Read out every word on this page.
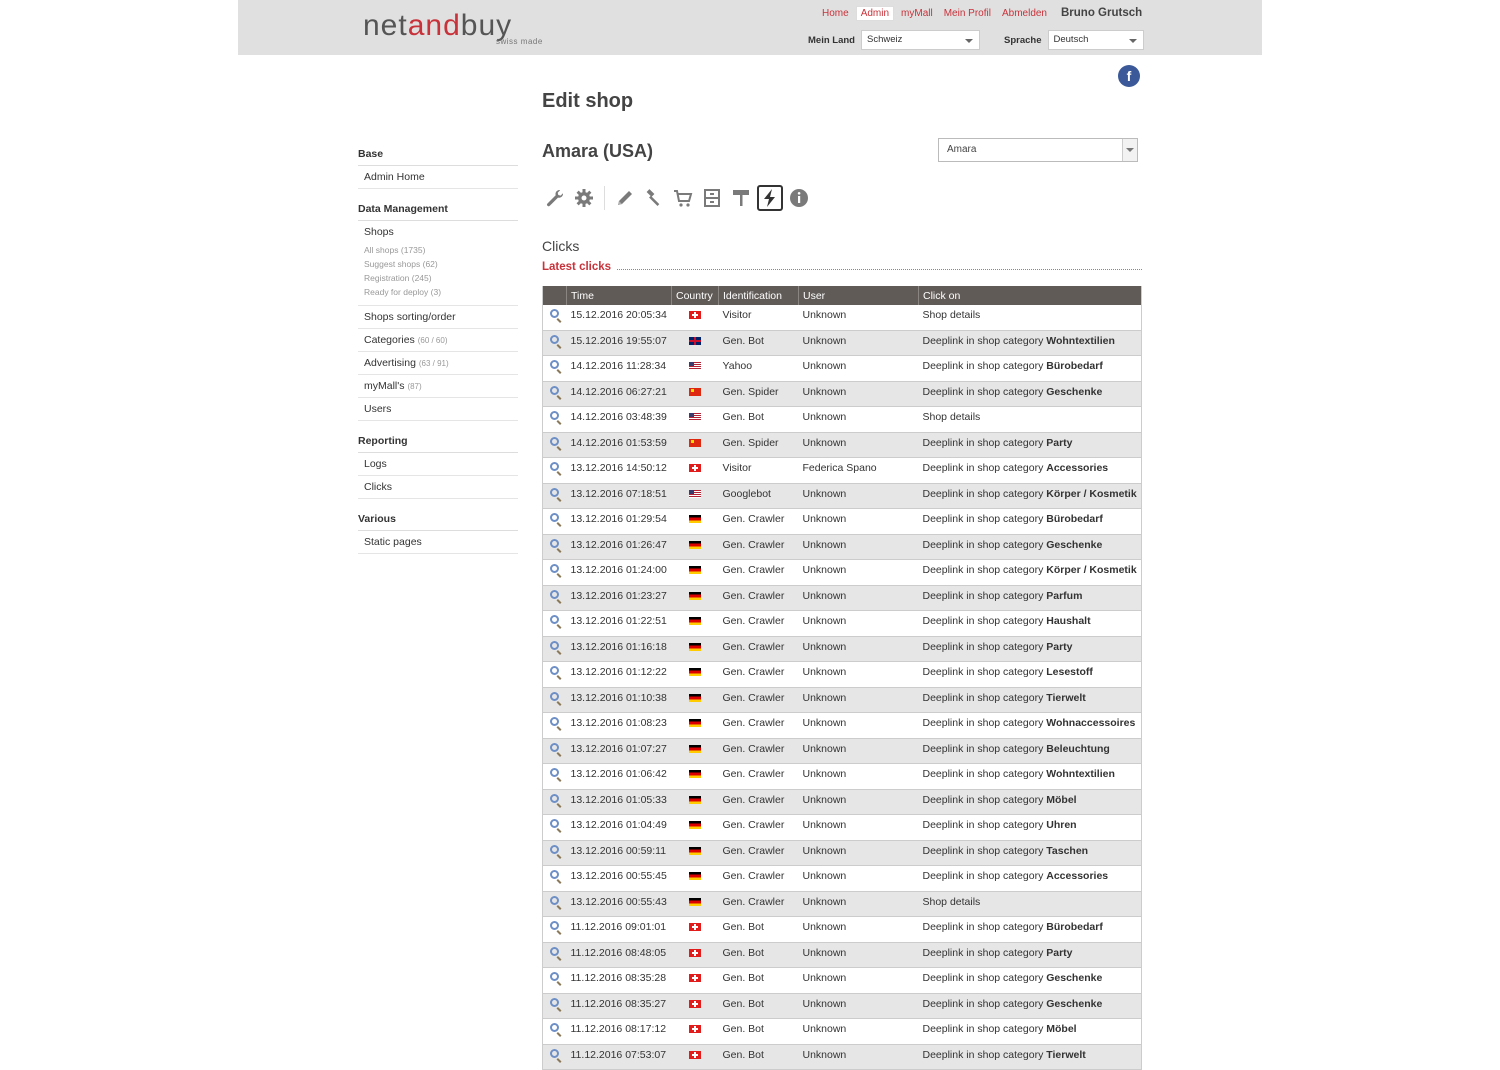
netandbuy
swiss made
Home	Admin	myMall	Mein Profil	Abmelden	Bruno Grutsch
Mein Land	Schweiz	Sprache	Deutsch
f
Edit shop
Amara (USA)	Amara
Clicks
Latest clicks
Base
Admin Home
Data Management
Shops
All shops (1735)
Suggest shops (62)
Registration (245)
Ready for deploy (3)
Shops sorting/order
Categories (60 / 60)
Advertising (63 / 91)
myMall's (87)
Users
Reporting
Logs
Clicks
Various
Static pages
	Time	Country	Identification	User	Click on
	15.12.2016 20:05:34		Visitor	Unknown	Shop details
	15.12.2016 19:55:07		Gen. Bot	Unknown	Deeplink in shop category Wohntextilien
	14.12.2016 11:28:34		Yahoo	Unknown	Deeplink in shop category Bürobedarf
	14.12.2016 06:27:21		Gen. Spider	Unknown	Deeplink in shop category Geschenke
	14.12.2016 03:48:39		Gen. Bot	Unknown	Shop details
	14.12.2016 01:53:59		Gen. Spider	Unknown	Deeplink in shop category Party
	13.12.2016 14:50:12		Visitor	Federica Spano	Deeplink in shop category Accessories
	13.12.2016 07:18:51		Googlebot	Unknown	Deeplink in shop category Körper / Kosmetik
	13.12.2016 01:29:54		Gen. Crawler	Unknown	Deeplink in shop category Bürobedarf
	13.12.2016 01:26:47		Gen. Crawler	Unknown	Deeplink in shop category Geschenke
	13.12.2016 01:24:00		Gen. Crawler	Unknown	Deeplink in shop category Körper / Kosmetik
	13.12.2016 01:23:27		Gen. Crawler	Unknown	Deeplink in shop category Parfum
	13.12.2016 01:22:51		Gen. Crawler	Unknown	Deeplink in shop category Haushalt
	13.12.2016 01:16:18		Gen. Crawler	Unknown	Deeplink in shop category Party
	13.12.2016 01:12:22		Gen. Crawler	Unknown	Deeplink in shop category Lesestoff
	13.12.2016 01:10:38		Gen. Crawler	Unknown	Deeplink in shop category Tierwelt
	13.12.2016 01:08:23		Gen. Crawler	Unknown	Deeplink in shop category Wohnaccessoires
	13.12.2016 01:07:27		Gen. Crawler	Unknown	Deeplink in shop category Beleuchtung
	13.12.2016 01:06:42		Gen. Crawler	Unknown	Deeplink in shop category Wohntextilien
	13.12.2016 01:05:33		Gen. Crawler	Unknown	Deeplink in shop category Möbel
	13.12.2016 01:04:49		Gen. Crawler	Unknown	Deeplink in shop category Uhren
	13.12.2016 00:59:11		Gen. Crawler	Unknown	Deeplink in shop category Taschen
	13.12.2016 00:55:45		Gen. Crawler	Unknown	Deeplink in shop category Accessories
	13.12.2016 00:55:43		Gen. Crawler	Unknown	Shop details
	11.12.2016 09:01:01		Gen. Bot	Unknown	Deeplink in shop category Bürobedarf
	11.12.2016 08:48:05		Gen. Bot	Unknown	Deeplink in shop category Party
	11.12.2016 08:35:28		Gen. Bot	Unknown	Deeplink in shop category Geschenke
	11.12.2016 08:35:27		Gen. Bot	Unknown	Deeplink in shop category Geschenke
	11.12.2016 08:17:12		Gen. Bot	Unknown	Deeplink in shop category Möbel
	11.12.2016 07:53:07		Gen. Bot	Unknown	Deeplink in shop category Tierwelt
